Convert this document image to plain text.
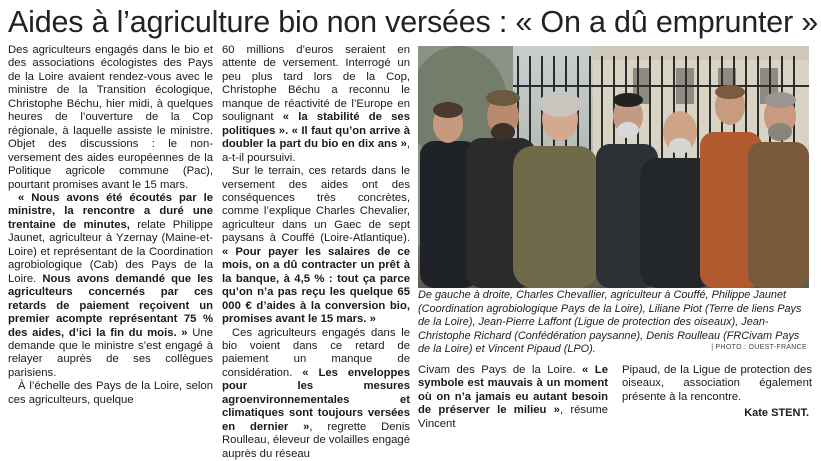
Aides à l’agriculture bio non versées : « On a dû emprunter »

Des agriculteurs engagés dans le bio et des associations écologistes des Pays de la Loire avaient rendez-vous avec le ministre de la Transition écologique, Christophe Béchu, hier midi, à quelques heures de l’ouverture de la Cop régionale, à laquelle assiste le ministre. Objet des discussions : le non-versement des aides européennes de la Politique agricole commune (Pac), pourtant promises avant le 15 mars.

« Nous avons été écoutés par le ministre, la rencontre a duré une trentaine de minutes, relate Philippe Jaunet, agriculteur à Yzernay (Maine-et-Loire) et représentant de la Coordination agrobiologique (Cab) des Pays de la Loire. Nous avons demandé que les agriculteurs concernés par ces retards de paiement reçoivent un premier acompte représentant 75 % des aides, d’ici la fin du mois. » Une demande que le ministre s’est engagé à relayer auprès de ses collègues parisiens.

À l’échelle des Pays de la Loire, selon ces agriculteurs, quelque

60 millions d’euros seraient en attente de versement. Interrogé un peu plus tard lors de la Cop, Christophe Béchu a reconnu le manque de réactivité de l’Europe en soulignant « la stabilité de ses politiques ». « Il faut qu’on arrive à doubler la part du bio en dix ans », a-t-il poursuivi.

Sur le terrain, ces retards dans le versement des aides ont des conséquences très concrètes, comme l’explique Charles Chevalier, agriculteur dans un Gaec de sept paysans à Couffé (Loire-Atlantique). « Pour payer les salaires de ce mois, on a dû contracter un prêt à la banque, à 4,5 % : tout ça parce qu’on n’a pas reçu les quelque 65 000 € d’aides à la conversion bio, promises avant le 15 mars. »

Ces agriculteurs engagés dans le bio voient dans ce retard de paiement un manque de considération. « Les enveloppes pour les mesures agroenvironnementales et climatiques sont toujours versées en dernier », regrette Denis Roulleau, éleveur de volailles engagé auprès du réseau

De gauche à droite, Charles Chevallier, agriculteur à Couffé, Philippe Jaunet (Coordination agrobiologique Pays de la Loire), Liliane Piot (Terre de liens Pays de la Loire), Jean-Pierre Laffont (Ligue de protection des oiseaux), Jean-Christophe Richard (Confédération paysanne), Denis Roulleau (FRCivam Pays de la Loire) et Vincent Pipaud (LPO).	| PHOTO : OUEST-FRANCE

Civam des Pays de la Loire. « Le symbole est mauvais à un moment où on n’a jamais eu autant besoin de préserver le milieu », résume Vincent

Pipaud, de la Ligue de protection des oiseaux, association également présente à la rencontre.

Kate STENT.
